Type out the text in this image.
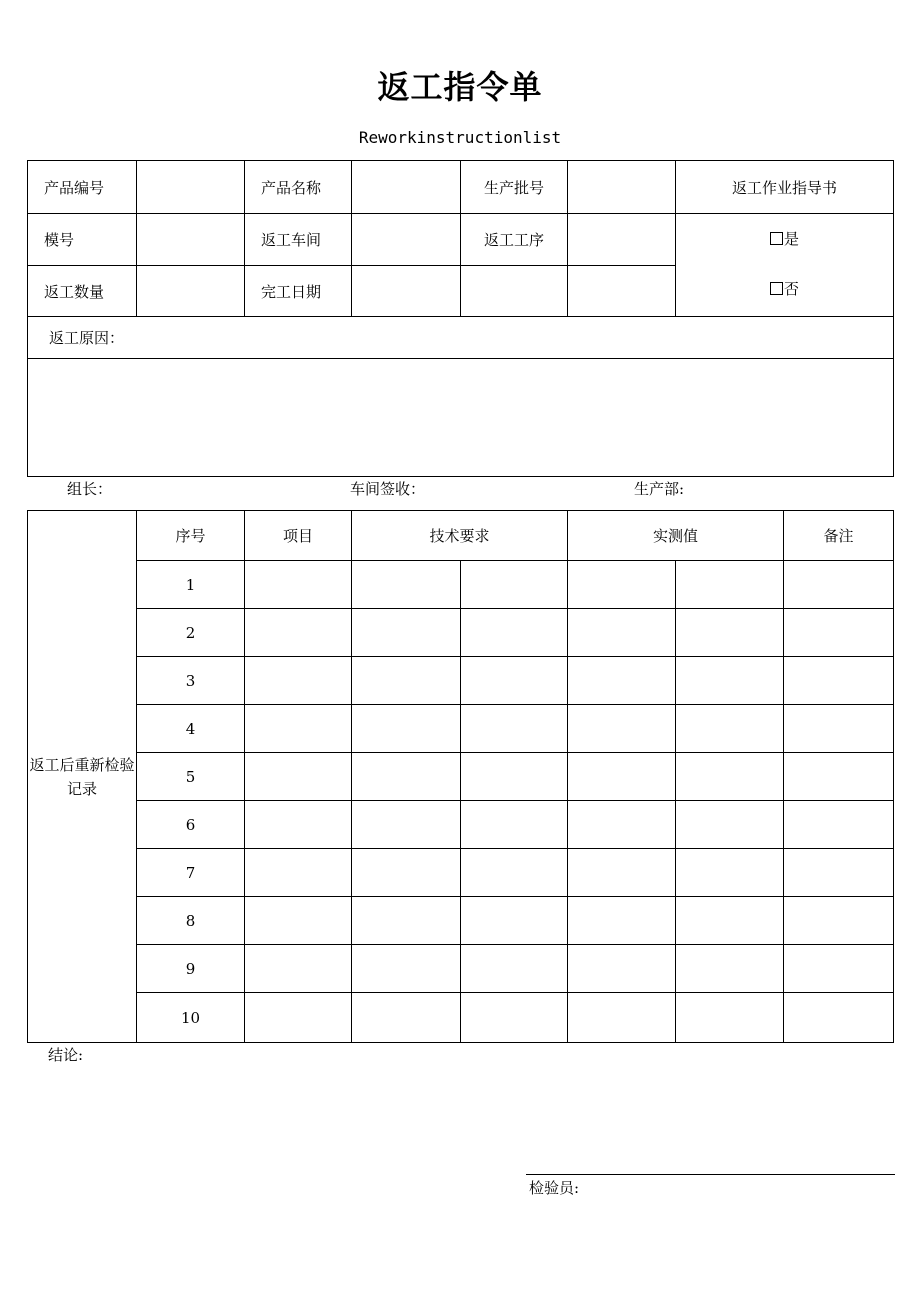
返工指令单
Reworkinstructionlist
产品编号		产品名称		生产批号		返工作业指导书
模号		返工车间		返工工序		是
否

返工数量		完工日期				
返工原因：						

组长：	车间签收：	生产部:
返工后重新检验记录	序号	项目	技术要求		实测值		备注
	1						
	2						
	3						
	4						
	5						
	6						
	7						
	8						
	9						
	10						
结论:
检验员:
